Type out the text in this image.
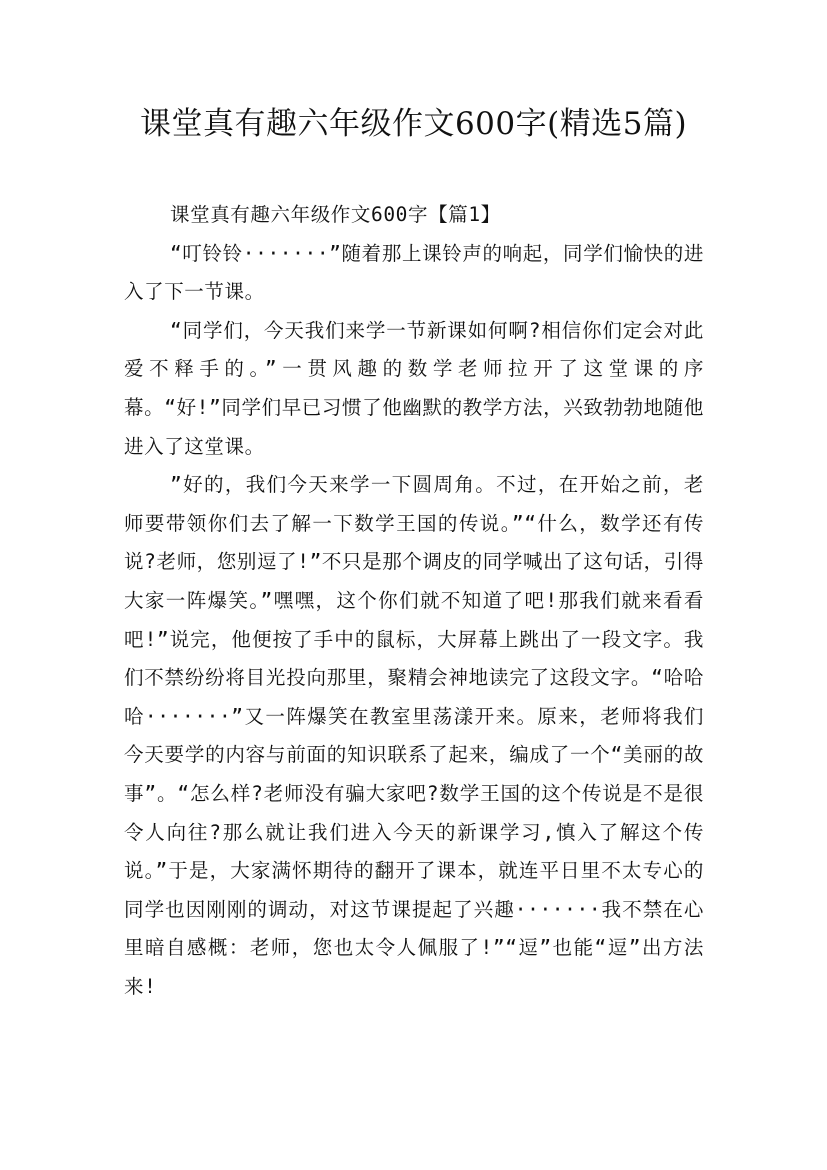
课堂真有趣六年级作文600字(精选5篇)
课堂真有趣六年级作文600字【篇1】

“叮铃铃·······”随着那上课铃声的响起，同学们愉快的进入了下一节课。

“同学们，今天我们来学一节新课如何啊?相信你们定会对此爱不释手的。”一贯风趣的数学老师拉开了这堂课的序幕。“好!”同学们早已习惯了他幽默的教学方法，兴致勃勃地随他进入了这堂课。

”好的，我们今天来学一下圆周角。不过，在开始之前，老师要带领你们去了解一下数学王国的传说。”“什么，数学还有传说?老师，您别逗了!”不只是那个调皮的同学喊出了这句话，引得大家一阵爆笑。”嘿嘿，这个你们就不知道了吧!那我们就来看看吧!”说完，他便按了手中的鼠标，大屏幕上跳出了一段文字。我们不禁纷纷将目光投向那里，聚精会神地读完了这段文字。“哈哈哈·······”又一阵爆笑在教室里荡漾开来。原来，老师将我们今天要学的内容与前面的知识联系了起来，编成了一个“美丽的故事”。“怎么样?老师没有骗大家吧?数学王国的这个传说是不是很令人向往?那么就让我们进入今天的新课学习,慎入了解这个传说。”于是，大家满怀期待的翻开了课本，就连平日里不太专心的同学也因刚刚的调动，对这节课提起了兴趣·······我不禁在心里暗自感概：老师，您也太令人佩服了!”“逗”也能“逗”出方法来!
